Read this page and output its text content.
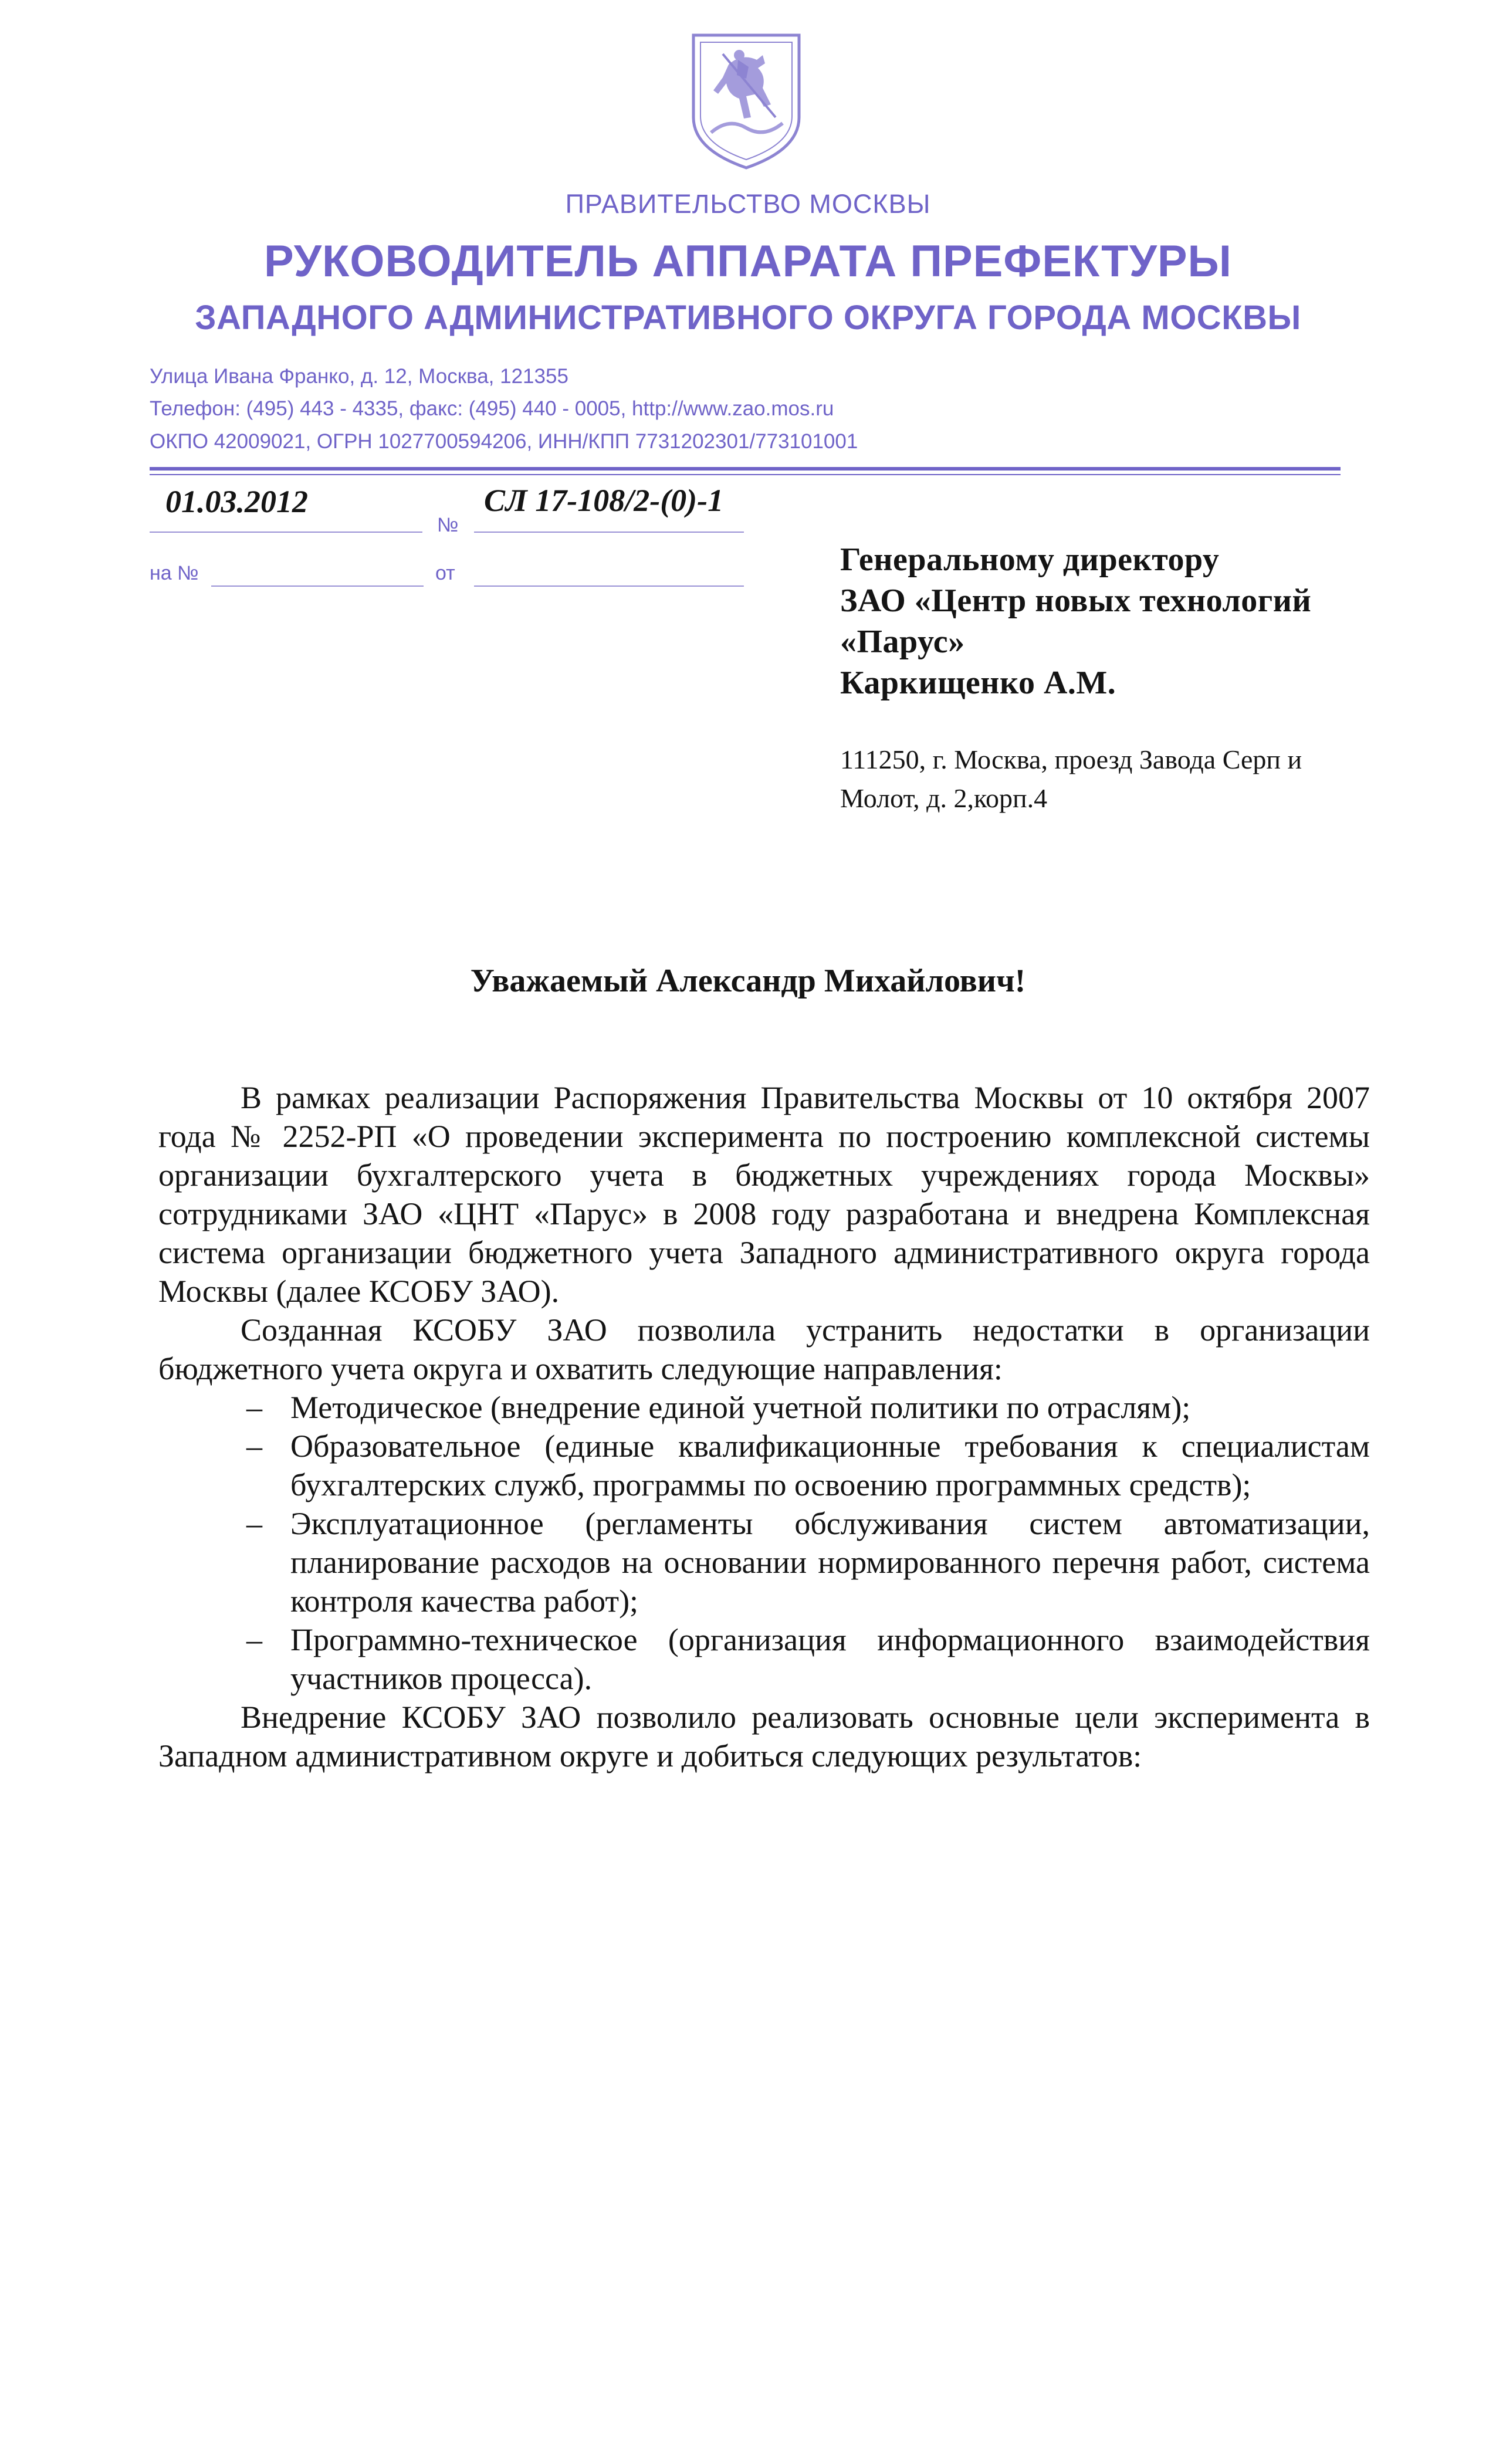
ПРАВИТЕЛЬСТВО МОСКВЫ
РУКОВОДИТЕЛЬ АППАРАТА ПРЕФЕКТУРЫ
ЗАПАДНОГО АДМИНИСТРАТИВНОГО ОКРУГА ГОРОДА МОСКВЫ
Улица Ивана Франко, д. 12, Москва, 121355
Телефон: (495) 443 - 4335, факс: (495) 440 - 0005, http://www.zao.mos.ru
ОКПО 42009021, ОГРН 1027700594206, ИНН/КПП 7731202301/773101001
01.03.2012	СЛ 17-108/2-(0)-1
№
на №	от	Генеральному директору
ЗАО «Центр новых технологий
«Парус»
Каркищенко А.М.
111250, г. Москва, проезд Завода Серп и Молот, д. 2,корп.4
Уважаемый Александр Михайлович!

В рамках реализации Распоряжения Правительства Москвы от 10 октября 2007 года № 2252-РП «О проведении эксперимента по построению комплексной системы организации бухгалтерского учета в бюджетных учреждениях города Москвы» сотрудниками ЗАО «ЦНТ «Парус» в 2008 году разработана и внедрена Комплексная система организации бюджетного учета Западного административного округа города Москвы (далее КСОБУ ЗАО).

Созданная КСОБУ ЗАО позволила устранить недостатки в организации бюджетного учета округа и охватить следующие направления:

– Методическое (внедрение единой учетной политики по отраслям);
– Образовательное (единые квалификационные требования к специалистам бухгалтерских служб, программы по освоению программных средств);
– Эксплуатационное (регламенты обслуживания систем автоматизации, планирование расходов на основании нормированного перечня работ, система контроля качества работ);
– Программно-техническое (организация информационного взаимодействия участников процесса).

Внедрение КСОБУ ЗАО позволило реализовать основные цели эксперимента в Западном административном округе и добиться следующих результатов:
